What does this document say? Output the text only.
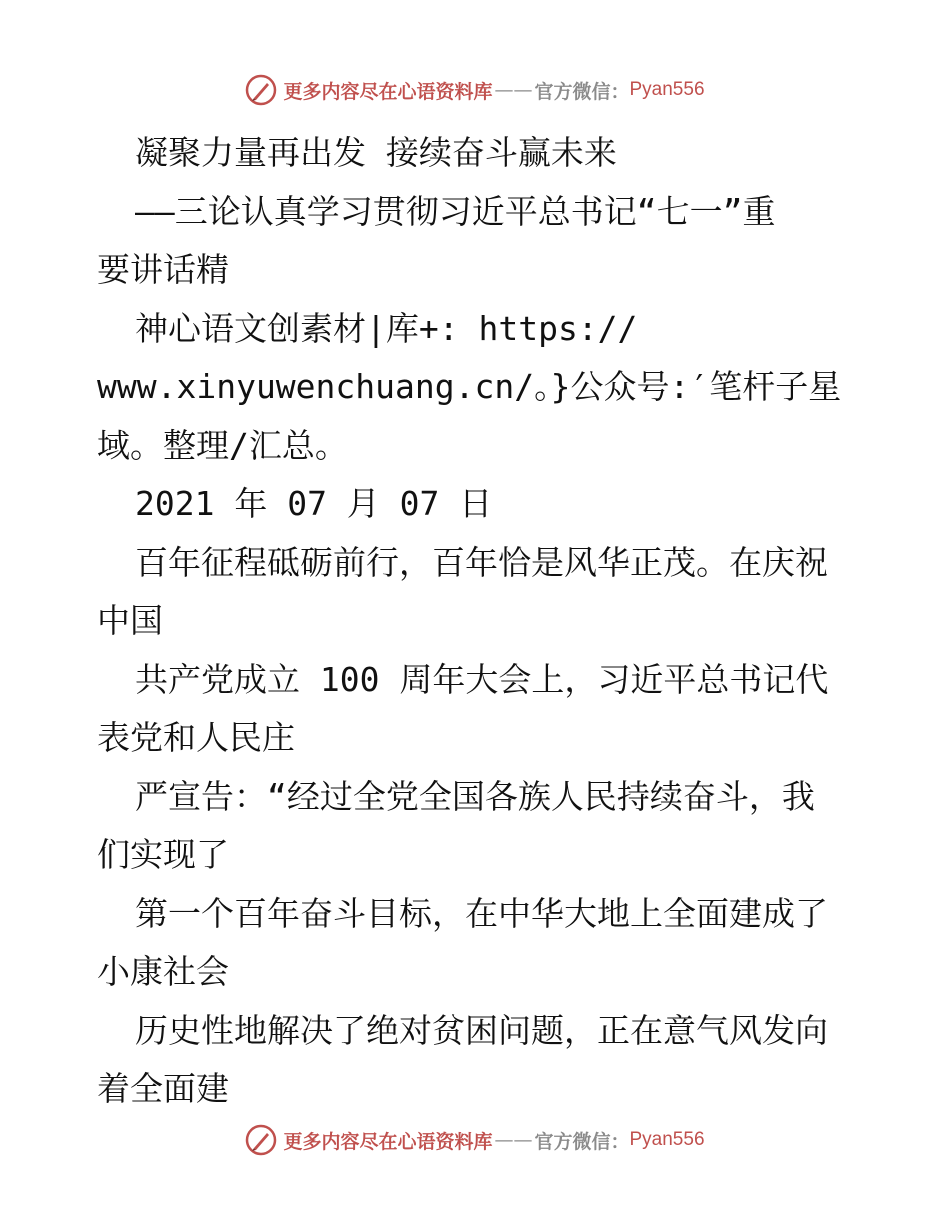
更多内容尽在心语资料库 —— 官方微信： Pyan556
凝聚力量再出发 接续奋斗赢未来
——三论认真学习贯彻习近平总书记“七一”重
要讲话精
神心语文创素材|库+: https://
www.xinyuwenchuang.cn/。}公众号:′笔杆子星
域。整理/汇总。
2021 年 07 月 07 日
百年征程砥砺前行，百年恰是风华正茂。在庆祝
中国
共产党成立 100 周年大会上，习近平总书记代
表党和人民庄
严宣告：“经过全党全国各族人民持续奋斗，我
们实现了
第一个百年奋斗目标，在中华大地上全面建成了
小康社会
历史性地解决了绝对贫困问题，正在意气风发向
着全面建
更多内容尽在心语资料库 —— 官方微信： Pyan556
